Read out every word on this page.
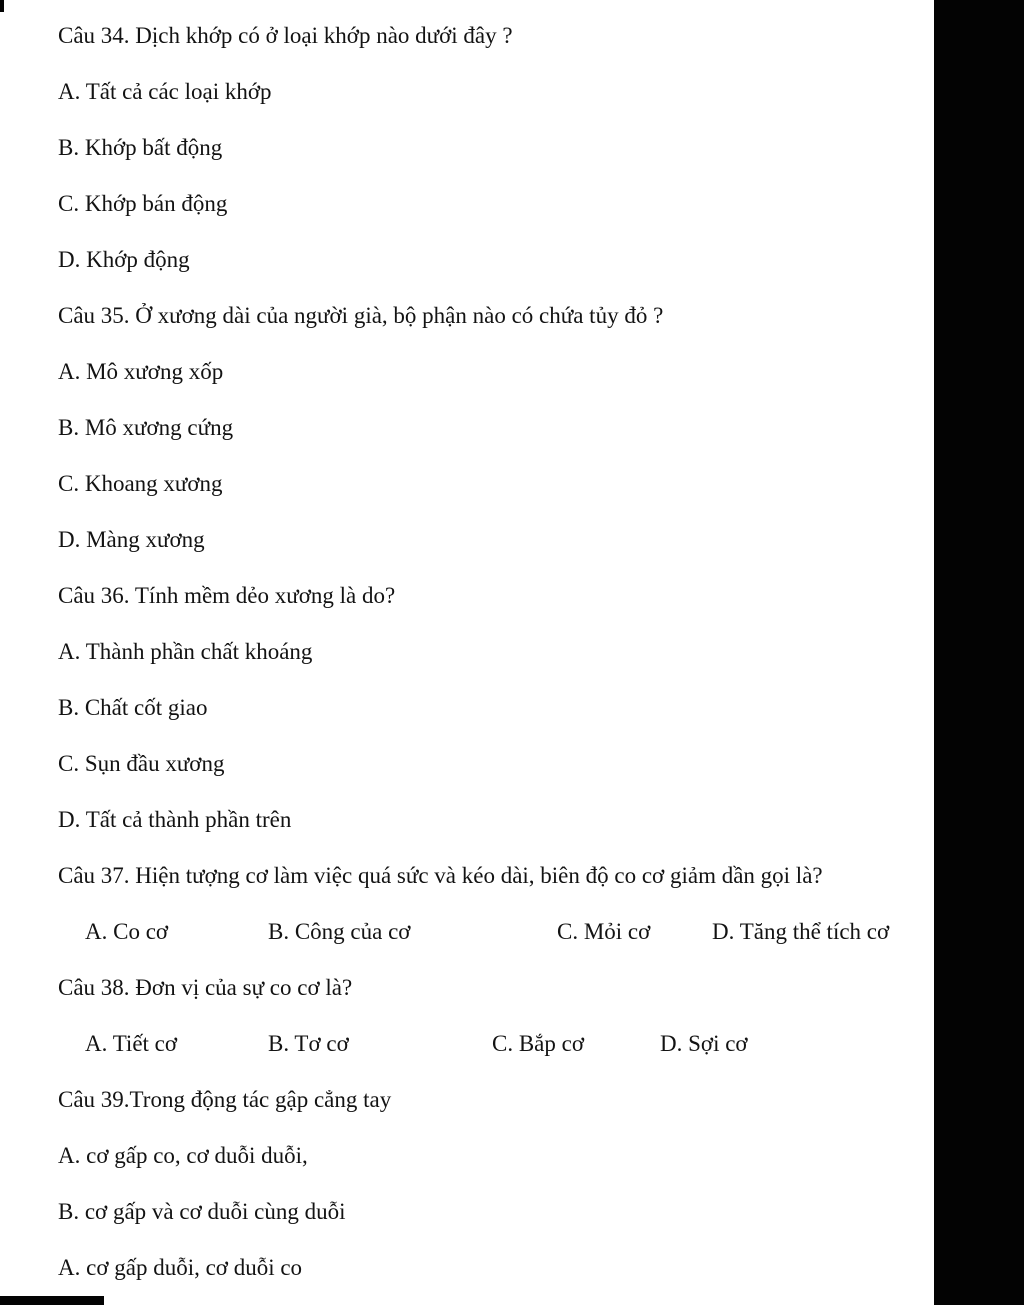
Câu 34. Dịch khớp có ở loại khớp nào dưới đây ?
A. Tất cả các loại khớp
B. Khớp bất động
C. Khớp bán động
D. Khớp động
Câu 35. Ở xương dài của người già, bộ phận nào có chứa tủy đỏ ?
A. Mô xương xốp
B. Mô xương cứng
C. Khoang xương
D. Màng xương
Câu 36. Tính mềm dẻo xương là do?
A. Thành phần chất khoáng
B. Chất cốt giao
C. Sụn đầu xương
D. Tất cả thành phần trên
Câu 37. Hiện tượng cơ làm việc quá sức và kéo dài, biên độ co cơ giảm dần gọi là?
A. Co cơ	B. Công của cơ	C. Mỏi cơ	D. Tăng thể tích cơ
Câu 38. Đơn vị của sự co cơ là?
A. Tiết cơ	B. Tơ cơ	C. Bắp cơ	D. Sợi cơ
Câu 39.Trong động tác gập cẳng tay
A. cơ gấp co, cơ duỗi duỗi,
B. cơ gấp và cơ duỗi cùng duỗi
A. cơ gấp duỗi, cơ duỗi co
